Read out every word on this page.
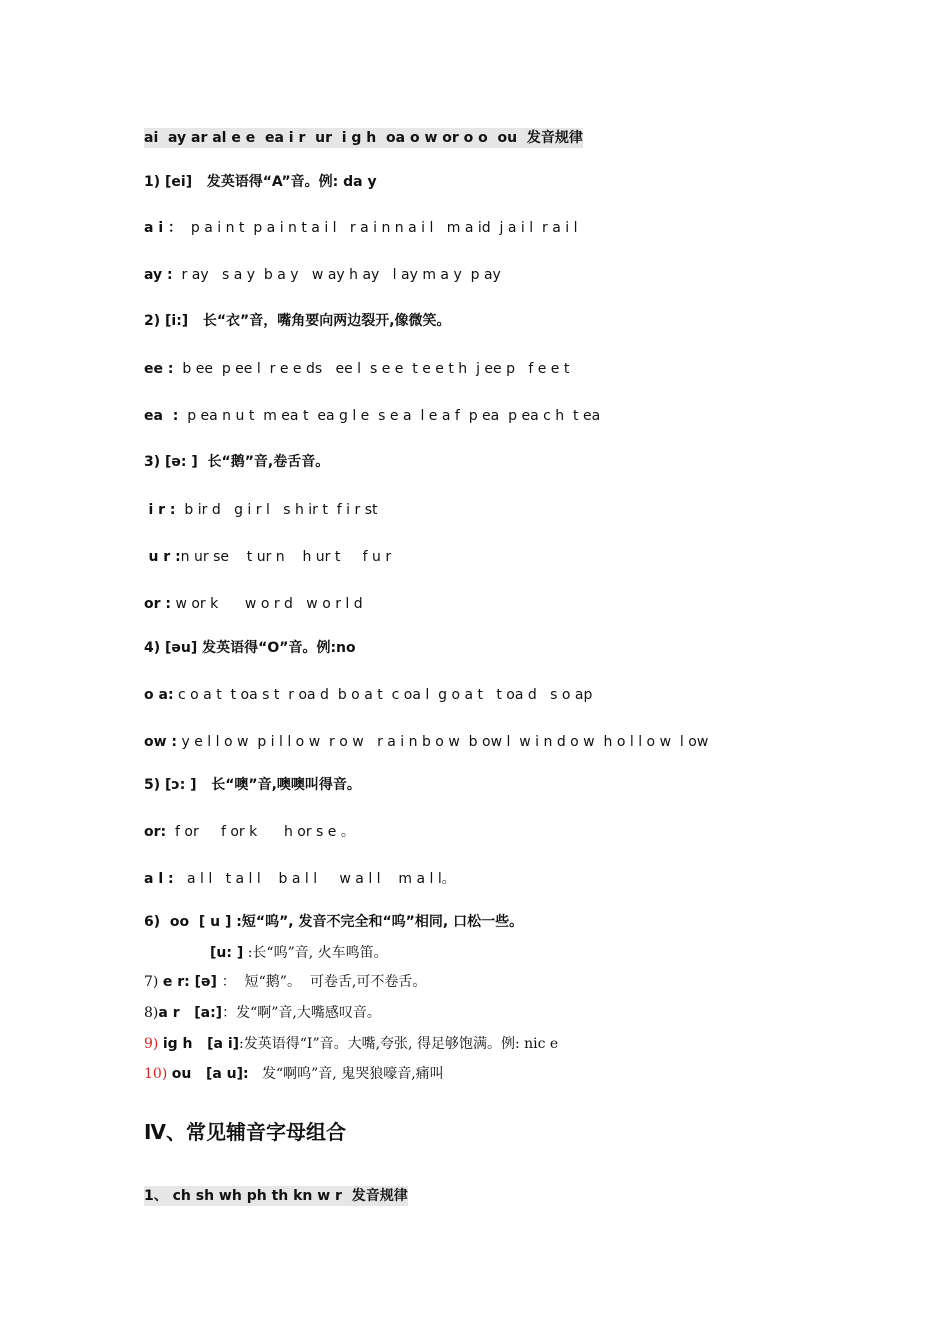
ai  ay ar al e e  ea i r  ur  i g h  oa o w or o o  ou  发音规律
1) [ei]   发英语得“A”音。例: da y
a i ： p a i n t  p a i n t a i l   r a i n n a i l   m a id  j a i l  r a i l
ay : r ay   s a y  b a y   w ay h ay   l ay m a y  p ay
2) [i:]   长“衣”音，嘴角要向两边裂开,像微笑。
ee : b ee  p ee l  r e e ds   ee l  s e e  t e e t h  j ee p   f e e t
ea  : p ea n u t  m ea t  ea g l e  s e a  l e a f  p ea  p ea c h  t ea
3) [ə: ]  长“鹅”音,卷舌音。
i r : b ir d   g i r l   s h ir t  f i r st
u r :n ur se    t ur n    h ur t     f u r
or : w or k      w o r d   w o r l d
4) [əu] 发英语得“O”音。例:no
o a: c o a t  t oa s t  r oa d  b o a t  c oa l  g o a t   t oa d   s o ap
ow : y e l l o w  p i l l o w  r o w   r a i n b o w  b ow l  w i n d o w  h o l l o w  l ow
5) [ɔ: ]   长“噢”音,噢噢叫得音。
or: f or     f or k      h or s e 。
a l : a l l   t a l l    b a l l     w a l l    m a l l。
6) oo [ u ] :短“呜”, 发音不完全和“呜”相同, 口松一些。
[u: ] :长“呜”音, 火车鸣笛。
7) e r: [ə] ：  短“鹅”。  可卷舌,可不卷舌。
8)a r   [a:]：发“啊”音,大嘴感叹音。
9) ig h   [a i]:发英语得“I”音。大嘴,夸张, 得足够饱满。例: nic e
10) ou   [a u]:   发“啊呜”音, 鬼哭狼嚎音,痛叫
Ⅳ、常见辅音字母组合
1、 ch sh wh ph th kn w r  发音规律
